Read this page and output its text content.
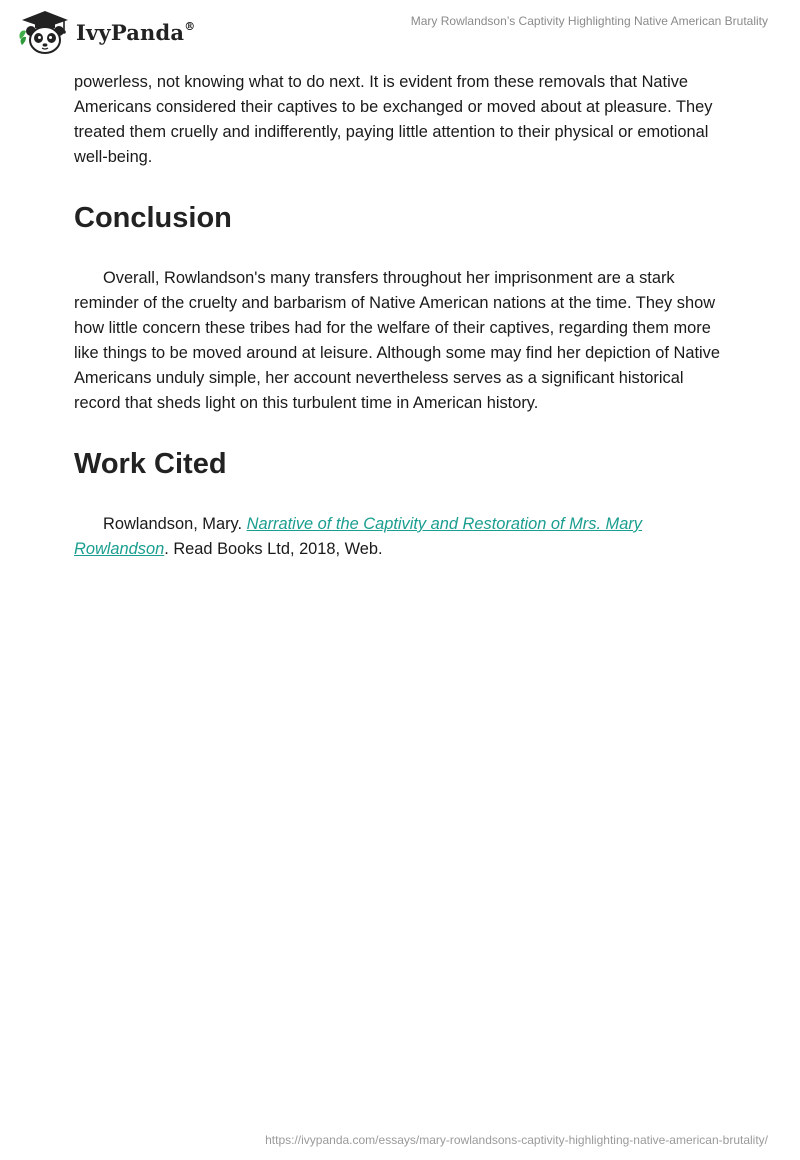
IvyPanda®	Mary Rowlandson’s Captivity Highlighting Native American Brutality

powerless, not knowing what to do next. It is evident from these removals that Native Americans considered their captives to be exchanged or moved about at pleasure. They treated them cruelly and indifferently, paying little attention to their physical or emotional well-being.

Conclusion

Overall, Rowlandson's many transfers throughout her imprisonment are a stark reminder of the cruelty and barbarism of Native American nations at the time. They show how little concern these tribes had for the welfare of their captives, regarding them more like things to be moved around at leisure. Although some may find her depiction of Native Americans unduly simple, her account nevertheless serves as a significant historical record that sheds light on this turbulent time in American history.

Work Cited

Rowlandson, Mary. Narrative of the Captivity and Restoration of Mrs. Mary Rowlandson. Read Books Ltd, 2018, Web.

https://ivypanda.com/essays/mary-rowlandsons-captivity-highlighting-native-american-brutality/
